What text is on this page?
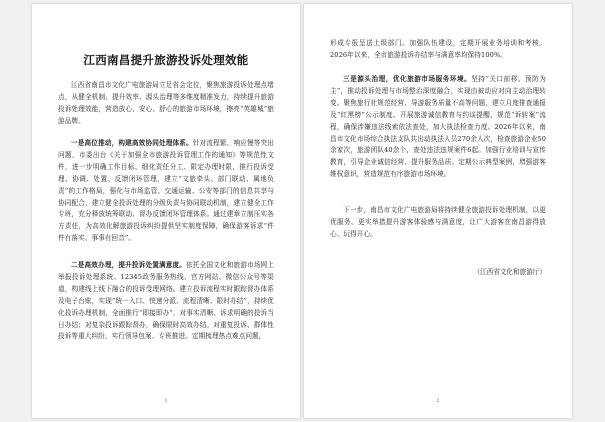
江西南昌提升旅游投诉处理效能

江西省南昌市文化广电旅游局立足省会定位，聚焦旅游投诉处理点堵点，从健全机制、提升效率、源头治理等多维度精准发力，持续提升旅游投诉处理效能，营造放心、安心、舒心的旅游市场环境，擦亮“英雄城”旅游品牌。

一是高位推动，构建高效协同处理体系。针对流程繁、响应慢等突出问题，市委出台《关于加强全市旅游投诉管理工作的通知》等规范性文件，进一步明确工作目标、细化责任分工、限定办理时限，推行投诉受理、协调、处置、反馈闭环管理，建立“文旅牵头、部门联动、属地负责”的工作格局，强化与市场监管、交通运输、公安等部门的信息共享与协同配合，建立健全投诉处理的分级负责与协同联动机制，建立健全工作专班，充分释放统筹联动、督办反馈闭环管理体系。通过建章立制压实各方责任，为高效化解旅游投诉纠纷提供坚实制度保障，确保游客诉求“件件有落实、事事有回音”。

二是高效办理，提升投诉处置满意度。依托全国文化和旅游市场网上举报投诉处理系统、12345政务服务热线、官方网站、微信公众号等渠道，构建线上线下融合的投诉受理网络。建立投诉流程实时跟踪督办体系及电子台账，实现“统一入口、快速分派、流程清晰、限时办结”，持续优化投诉办理机制，全面推行“即接即办”，对事实清晰、诉求明确的投诉当日办结；对复杂投诉跟踪督办，确保限时高效办结。对重复投诉、群体性投诉等重大纠纷，实行领导包案、专班推进。定期梳理热点难点问题，

1

形成专报呈送上级部门。加强队伍建设，定期开展业务培训和考核。2026年以来，全市旅游投诉办结率与满意率均保持100%。

三是源头治理，优化旅游市场服务环境。坚持“关口前移、预防为主”，推动投诉处理与市场整治深度融合，实现由被动应对向主动治理转变。聚焦旅行社规范经营、导游服务质量不高等问题，建立月度排查通报及“红黑榜”公示制度。开展旅游诚信教育与约谈提醒，规范“诉转案”流程，确保涉嫌违法线索依法查处，加大执法检查力度。2026年以来，南昌市文化市场综合执法支队共出动执法人员270余人次，检查旅游企业50余家次，旅游团队40余个，查处违法违规案件6起。加强行业培训与宣传教育，引导企业诚信经营、提升服务品质。定期公示典型案例，增强游客维权意识，营造规范有序旅游市场环境。

下一步，南昌市文化广电旅游局将持续健全旅游投诉处理机制，以更优服务、更实举措提升游客体验感与满意度，让广大游客在南昌游得放心、玩得开心。

（江西省文化和旅游厅）

2
